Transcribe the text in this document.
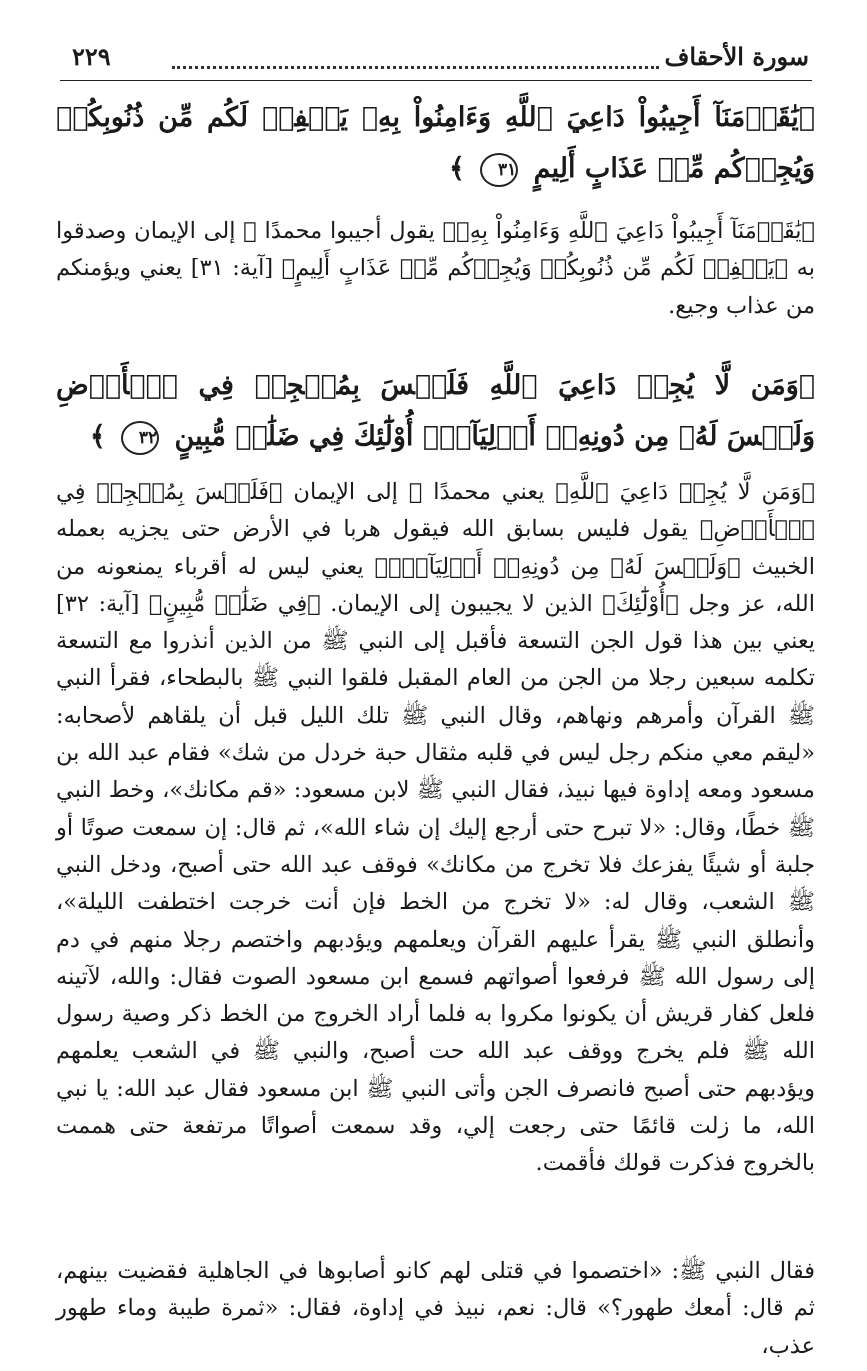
سورة الأحقاف
٢٢٩
﴿يَٰقَوۡمَنَآ أَجِيبُواْ دَاعِيَ ٱللَّهِ وَءَامِنُواْ بِهِۦ يَغۡفِرۡ لَكُم مِّن ذُنُوبِكُمۡ وَيُجِرۡكُم مِّنۡ عَذَابٍ أَلِيمٍ ٣١ ﴾
﴿يَٰقَوۡمَنَآ أَجِيبُواْ دَاعِيَ ٱللَّهِ وَءَامِنُواْ بِهِۦ﴾ يقول أجيبوا محمدًا ﷺ إلى الإيمان وصدقوا به ﴿يَغۡفِرۡ لَكُم مِّن ذُنُوبِكُمۡ وَيُجِرۡكُم مِّنۡ عَذَابٍ أَلِيمٍ﴾ [آية: ٣١] يعني ويؤمنكم من عذاب وجيع.
﴿وَمَن لَّا يُجِبۡ دَاعِيَ ٱللَّهِ فَلَيۡسَ بِمُعۡجِزٖ فِي ٱلۡأَرۡضِ وَلَيۡسَ لَهُۥ مِن دُونِهِۦٓ أَوۡلِيَآءُۚ أُوْلَٰٓئِكَ فِي ضَلَٰلٖ مُّبِينٍ ٣٢ ﴾
﴿وَمَن لَّا يُجِبۡ دَاعِيَ ٱللَّهِ﴾ يعني محمدًا ﷺ إلى الإيمان ﴿فَلَيۡسَ بِمُعۡجِزٖ فِي ٱلۡأَرۡضِ﴾ يقول فليس بسابق الله فيقول هربا في الأرض حتى يجزيه بعمله الخبيث ﴿وَلَيۡسَ لَهُۥ مِن دُونِهِۦٓ أَوۡلِيَآءُۚ﴾ يعني ليس له أقرباء يمنعونه من الله، عز وجل ﴿أُوْلَٰٓئِكَ﴾ الذين لا يجيبون إلى الإيمان. ﴿فِي ضَلَٰلٖ مُّبِينٍ﴾ [آية: ٣٢] يعني بين هذا قول الجن التسعة فأقبل إلى النبي ﷺ من الذين أنذروا مع التسعة تكلمه سبعين رجلا من الجن من العام المقبل فلقوا النبي ﷺ بالبطحاء، فقرأ النبي ﷺ القرآن وأمرهم ونهاهم، وقال النبي ﷺ تلك الليل قبل أن يلقاهم لأصحابه: «ليقم معي منكم رجل ليس في قلبه مثقال حبة خردل من شك» فقام عبد الله بن مسعود ومعه إداوة فيها نبيذ، فقال النبي ﷺ لابن مسعود: «قم مكانك»، وخط النبي ﷺ خطًا، وقال: «لا تبرح حتى أرجع إليك إن شاء الله»، ثم قال: إن سمعت صوتًا أو جلبة أو شيئًا يفزعك فلا تخرج من مكانك» فوقف عبد الله حتى أصبح، ودخل النبي ﷺ الشعب، وقال له: «لا تخرج من الخط فإن أنت خرجت اختطفت الليلة»، وأنطلق النبي ﷺ يقرأ عليهم القرآن ويعلمهم ويؤدبهم واختصم رجلا منهم في دم إلى رسول الله ﷺ فرفعوا أصواتهم فسمع ابن مسعود الصوت فقال: والله، لآتينه فلعل كفار قريش أن يكونوا مكروا به فلما أراد الخروج من الخط ذكر وصية رسول الله ﷺ فلم يخرج ووقف عبد الله حت أصبح، والنبي ﷺ في الشعب يعلمهم ويؤدبهم حتى أصبح فانصرف الجن وأتى النبي ﷺ ابن مسعود فقال عبد الله: يا نبي الله، ما زلت قائمًا حتى رجعت إلي، وقد سمعت أصواتًا مرتفعة حتى هممت بالخروج فذكرت قولك فأقمت.
فقال النبي ﷺ: «اختصموا في قتلى لهم كانو أصابوها في الجاهلية فقضيت بينهم، ثم قال: أمعك طهور؟» قال: نعم، نبيذ في إداوة، فقال: «ثمرة طيبة وماء طهور عذب،
